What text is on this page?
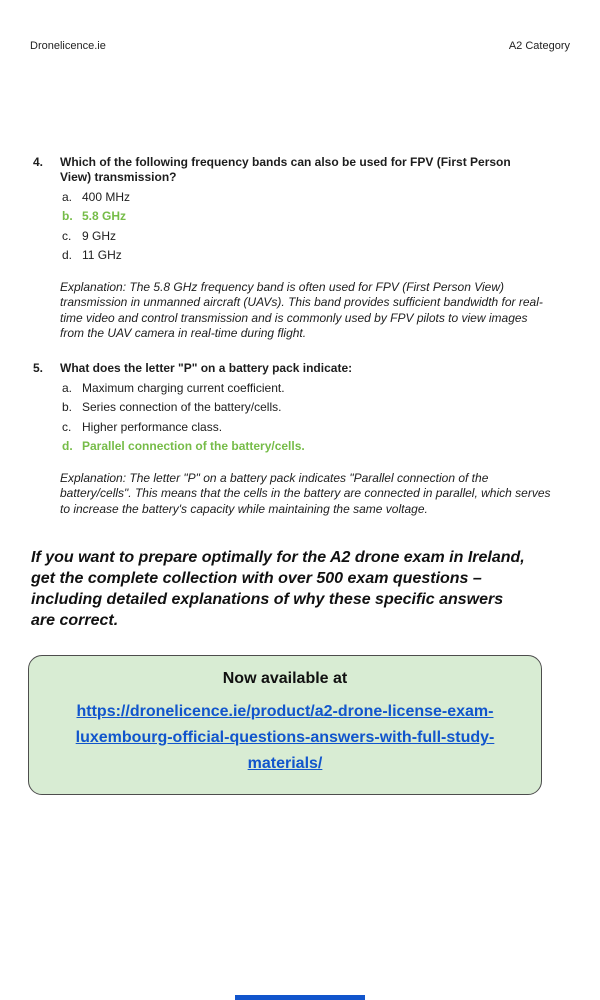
Dronelicence.ie	A2 Category
4.	Which of the following frequency bands can also be used for FPV (First Person View) transmission?
a. 400 MHz
b. 5.8 GHz
c. 9 GHz
d. 11 GHz

Explanation: The 5.8 GHz frequency band is often used for FPV (First Person View) transmission in unmanned aircraft (UAVs). This band provides sufficient bandwidth for real-time video and control transmission and is commonly used by FPV pilots to view images from the UAV camera in real-time during flight.

5.	What does the letter "P" on a battery pack indicate:
a. Maximum charging current coefficient.
b. Series connection of the battery/cells.
c. Higher performance class.
d. Parallel connection of the battery/cells.

Explanation: The letter "P" on a battery pack indicates "Parallel connection of the battery/cells". This means that the cells in the battery are connected in parallel, which serves to increase the battery's capacity while maintaining the same voltage.

If you want to prepare optimally for the A2 drone exam in Ireland, get the complete collection with over 500 exam questions – including detailed explanations of why these specific answers are correct.

Now available at
https://dronelicence.ie/product/a2-drone-license-exam-luxembourg-official-questions-answers-with-full-study-materials/
